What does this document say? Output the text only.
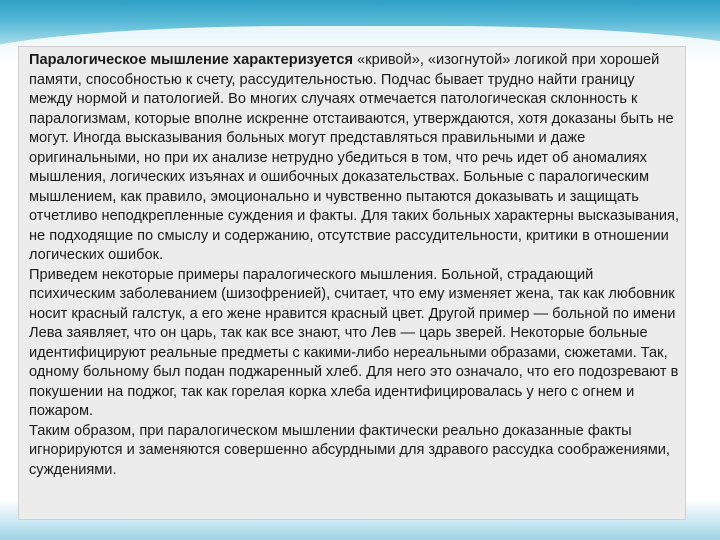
Паралогическое мышление характеризуется «кривой», «изогнутой» логикой при хорошей памяти, способностью к счету, рассудительностью. Подчас бывает трудно найти границу между нормой и патологией. Во многих случаях отмечается патологическая склонность к паралогизмам, которые вполне искренне отстаиваются, утверждаются, хотя доказаны быть не могут. Иногда высказывания больных могут представляться правильными и даже оригинальными, но при их анализе нетрудно убедиться в том, что речь идет об аномалиях мышления, логических изъянах и ошибочных доказательствах. Больные с паралогическим мышлением, как правило, эмоционально и чувственно пытаются доказывать и защищать отчетливо неподкрепленные суждения и факты. Для таких больных характерны высказывания, не подходящие по смыслу и содержанию, отсутствие рассудительности, критики в отношении логических ошибок.

Приведем некоторые примеры паралогического мышления. Больной, страдающий психическим заболеванием (шизофренией), считает, что ему изменяет жена, так как любовник носит красный галстук, а его жене нравится красный цвет. Другой пример — больной по имени Лева заявляет, что он царь, так как все знают, что Лев — царь зверей. Некоторые больные идентифицируют реальные предметы с какими-либо нереальными образами, сюжетами. Так, одному больному был подан поджаренный хлеб. Для него это означало, что его подозревают в покушении на поджог, так как горелая корка хлеба идентифицировалась у него с огнем и пожаром.

Таким образом, при паралогическом мышлении фактически реально доказанные факты игнорируются и заменяются совершенно абсурдными для здравого рассудка соображениями, суждениями.
